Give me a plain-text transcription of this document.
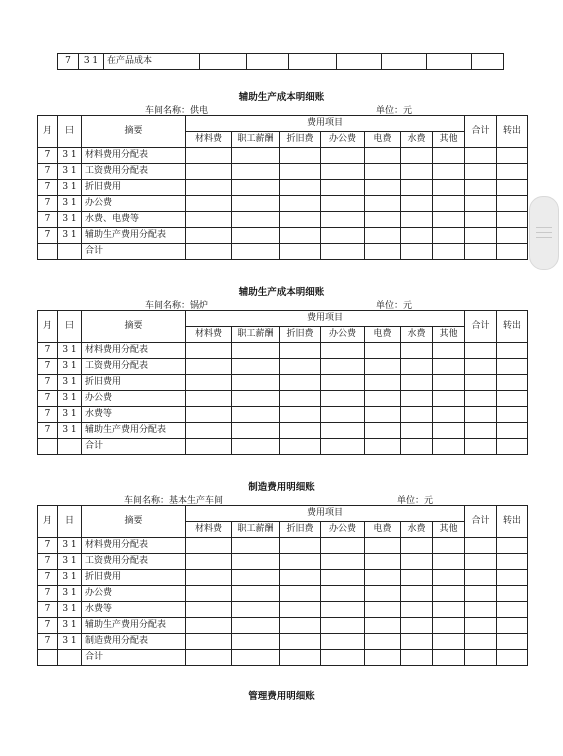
7	3 1	在产品成本							
辅助生产成本明细账
车间名称：供电	单位：元
月	曰	摘要	费用项目							合计	转出
			材料费	职工薪酬	折旧费	办公费	电费	水费	其他		
7	3 1	材料费用分配表									
7	3 1	工资费用分配表									
7	3 1	折旧费用									
7	3 1	办公费									
7	3 1	水费、电费等									
7	3 1	辅助生产费用分配表									
		合计									
辅助生产成本明细账
车间名称：锅炉	单位：元
月	曰	摘要	费用项目							合计	转出
			材料费	职工薪酬	折旧费	办公费	电费	水费	其他		
7	3 1	材料费用分配表									
7	3 1	工资费用分配表									
7	3 1	折旧费用									
7	3 1	办公费									
7	3 1	水费等									
7	3 1	辅助生产费用分配表									
		合计									
制造费用明细账
车间名称：基本生产车间	单位：元
月	日	摘要	费用项目							合计	转出
			材料费	职工薪酬	折旧费	办公费	电费	水费	其他		
7	3 1	材料费用分配表									
7	3 1	工资费用分配表									
7	3 1	折旧费用									
7	3 1	办公费									
7	3 1	水费等									
7	3 1	辅助生产费用分配表									
7	3 1	制造费用分配表									
		合计									
管理费用明细账
